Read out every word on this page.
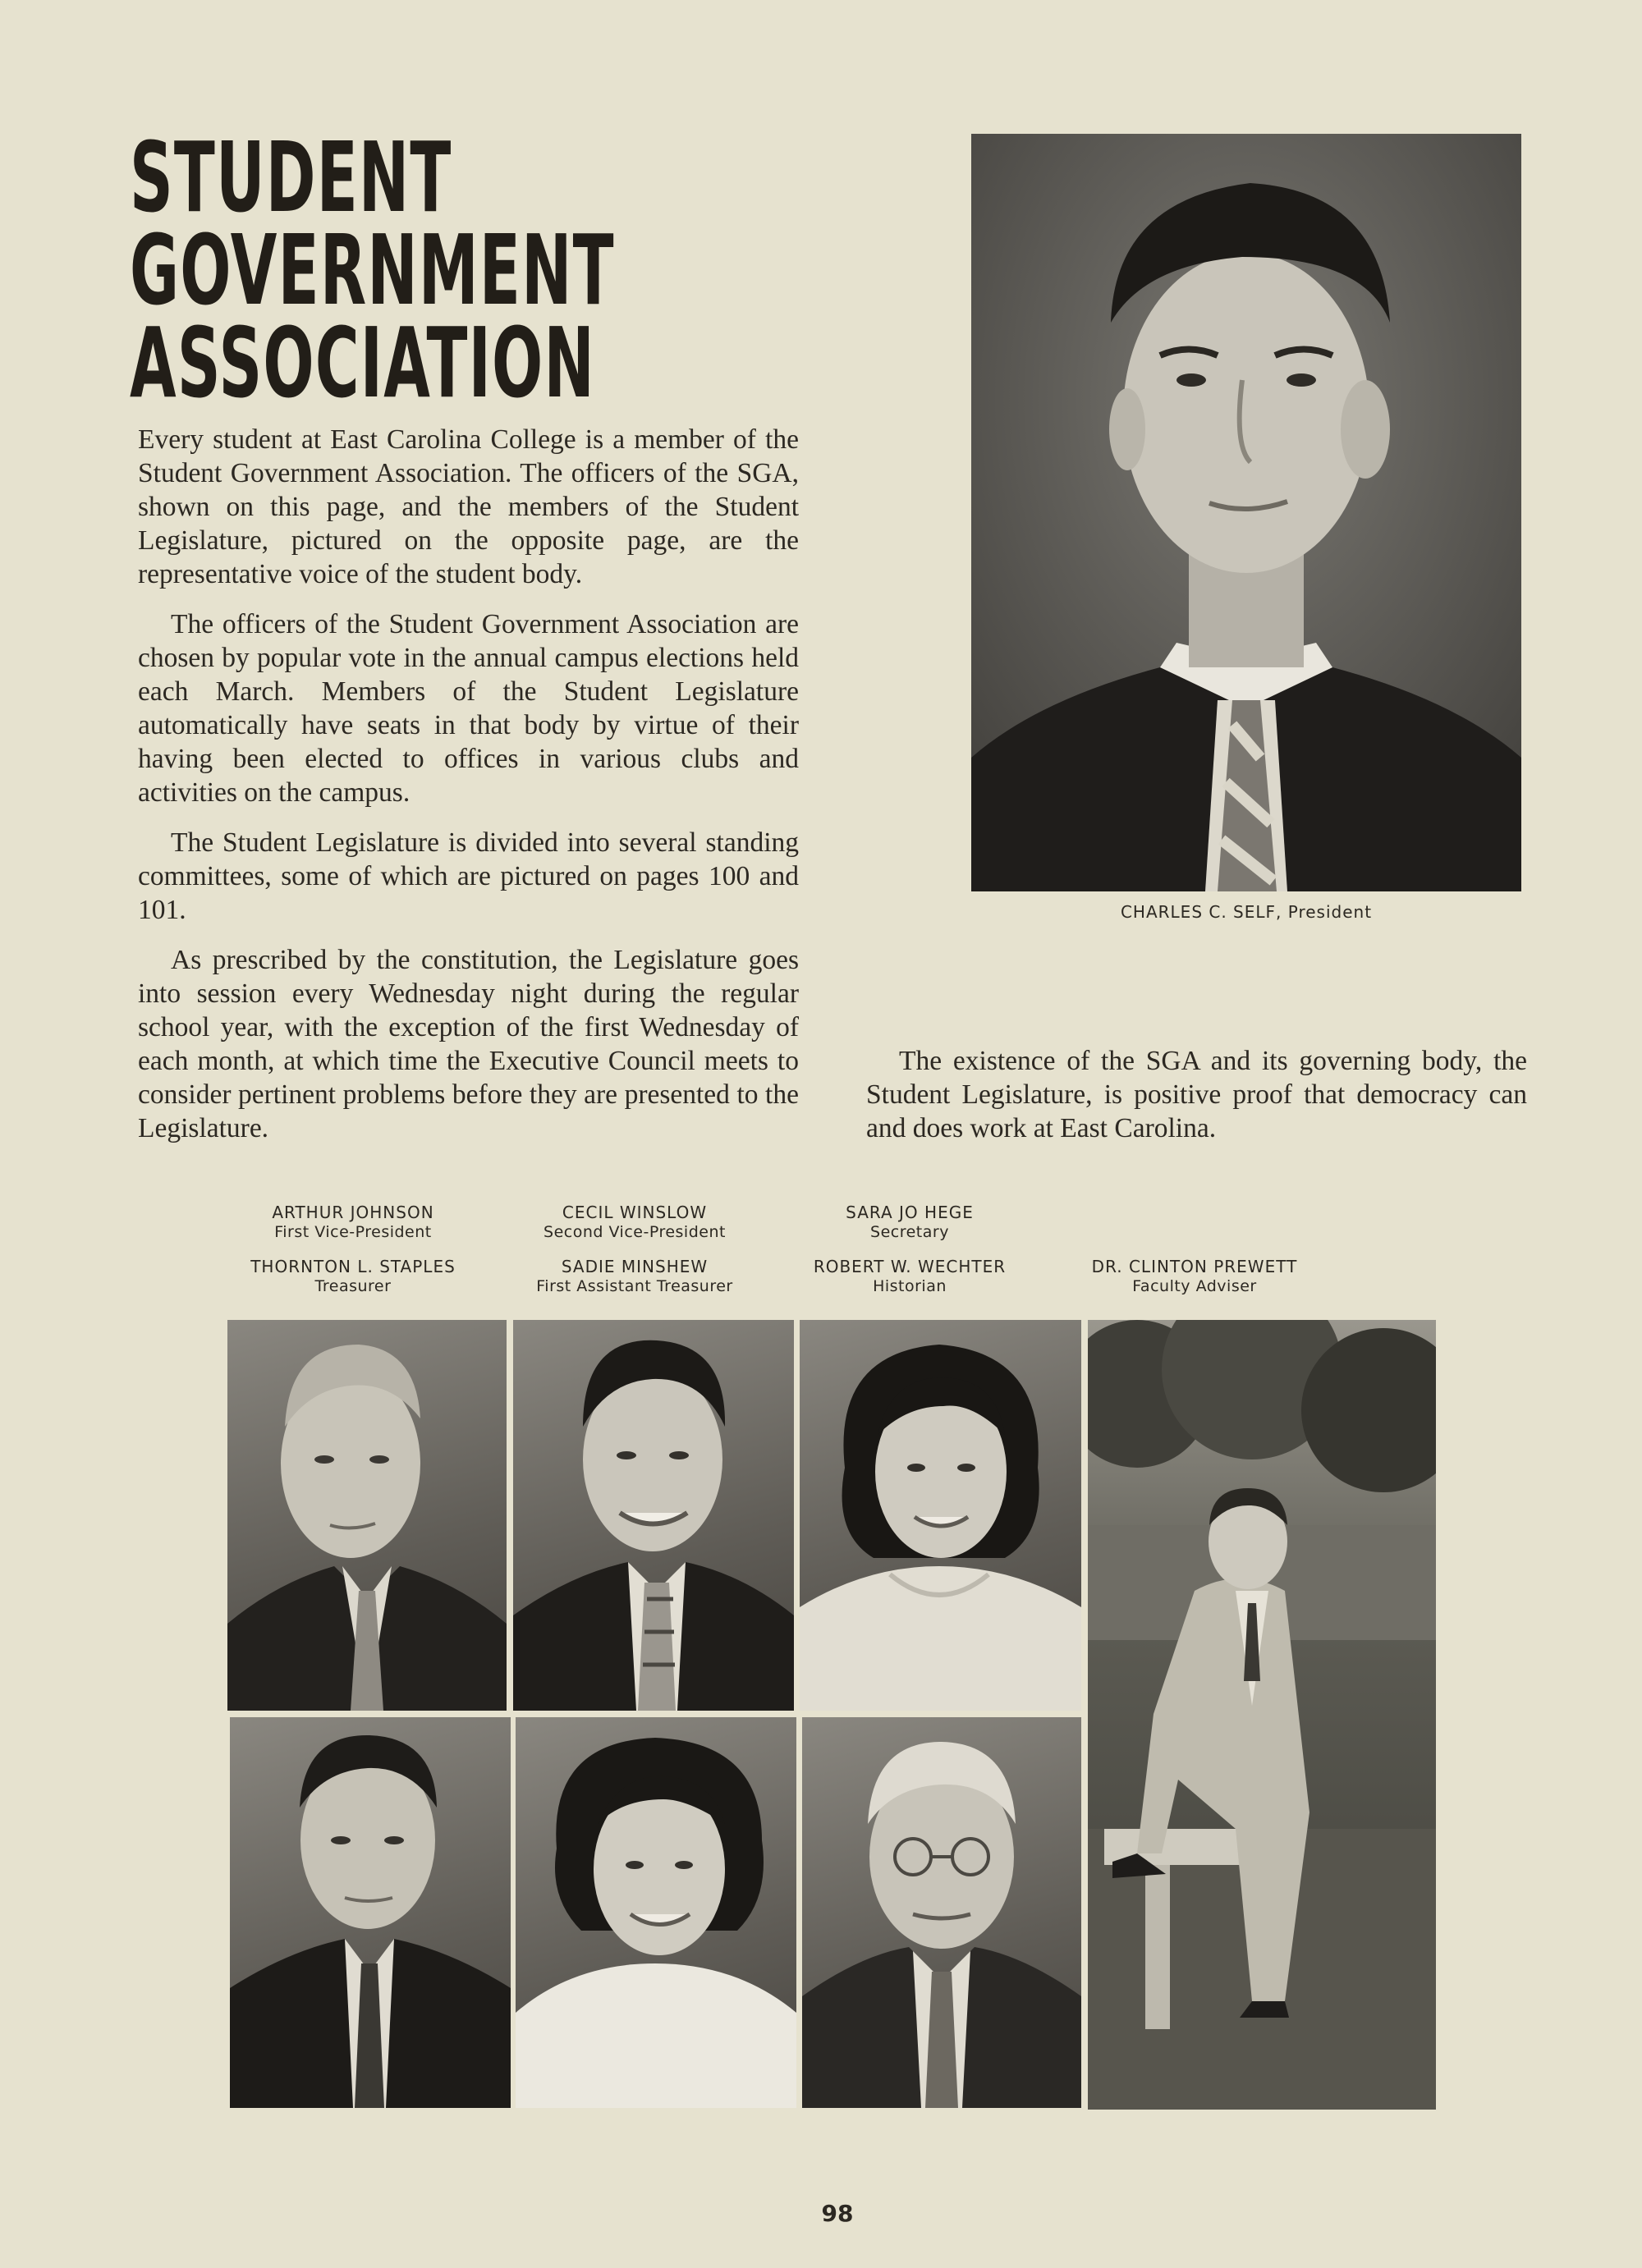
STUDENT
GOVERNMENT
ASSOCIATION

Every student at East Carolina College is a member of the Student Government Association. The officers of the SGA, shown on this page, and the members of the Student Legislature, pictured on the opposite page, are the representative voice of the student body.

The officers of the Student Government Association are chosen by popular vote in the annual campus elections held each March. Members of the Student Legislature automatically have seats in that body by virtue of their having been elected to offices in various clubs and activities on the campus.

The Student Legislature is divided into several standing committees, some of which are pictured on pages 100 and 101.

As prescribed by the constitution, the Legislature goes into session every Wednesday night during the regular school year, with the exception of the first Wednesday of each month, at which time the Executive Council meets to consider pertinent problems before they are presented to the Legislature.

CHARLES C. SELF, President

The existence of the SGA and its governing body, the Student Legislature, is positive proof that democracy can and does work at East Carolina.

ARTHUR JOHNSON
First Vice-President
CECIL WINSLOW
Second Vice-President
SARA JO HEGE
Secretary
THORNTON L. STAPLES
Treasurer
SADIE MINSHEW
First Assistant Treasurer
ROBERT W. WECHTER
Historian
DR. CLINTON PREWETT
Faculty Adviser
98
